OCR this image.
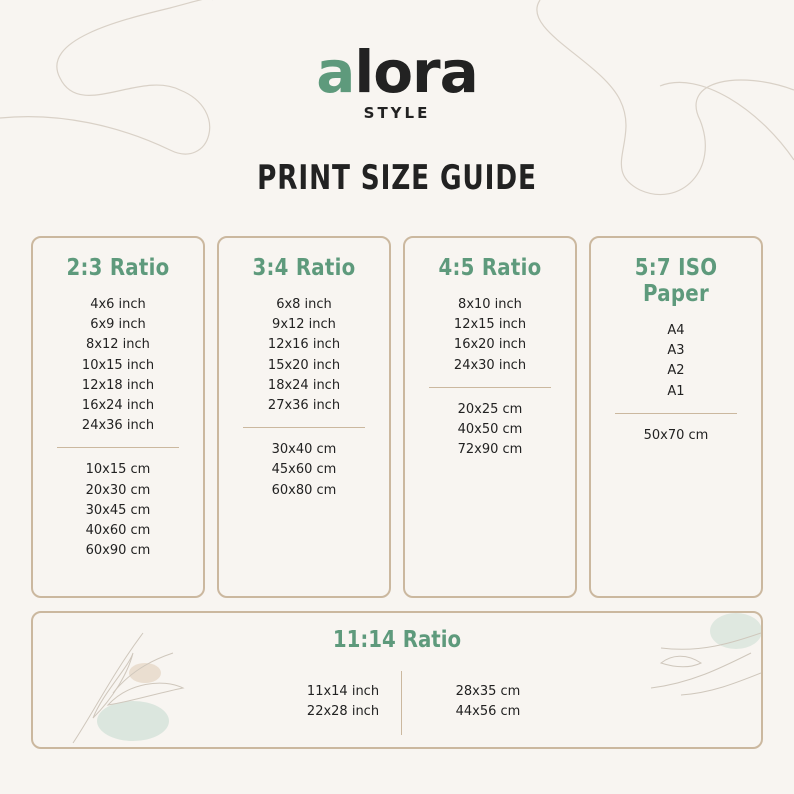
alora
STYLE
PRINT SIZE GUIDE
2:3 Ratio
4x6 inch
6x9 inch
8x12 inch
10x15 inch
12x18 inch
16x24 inch
24x36 inch
10x15 cm
20x30 cm
30x45 cm
40x60 cm
60x90 cm
3:4 Ratio
6x8 inch
9x12 inch
12x16 inch
15x20 inch
18x24 inch
27x36 inch
30x40 cm
45x60 cm
60x80 cm
4:5 Ratio
8x10 inch
12x15 inch
16x20 inch
24x30 inch
20x25 cm
40x50 cm
72x90 cm
5:7 ISO Paper
A4
A3
A2
A1
50x70 cm
11:14 Ratio
11x14 inch
22x28 inch
28x35 cm
44x56 cm
